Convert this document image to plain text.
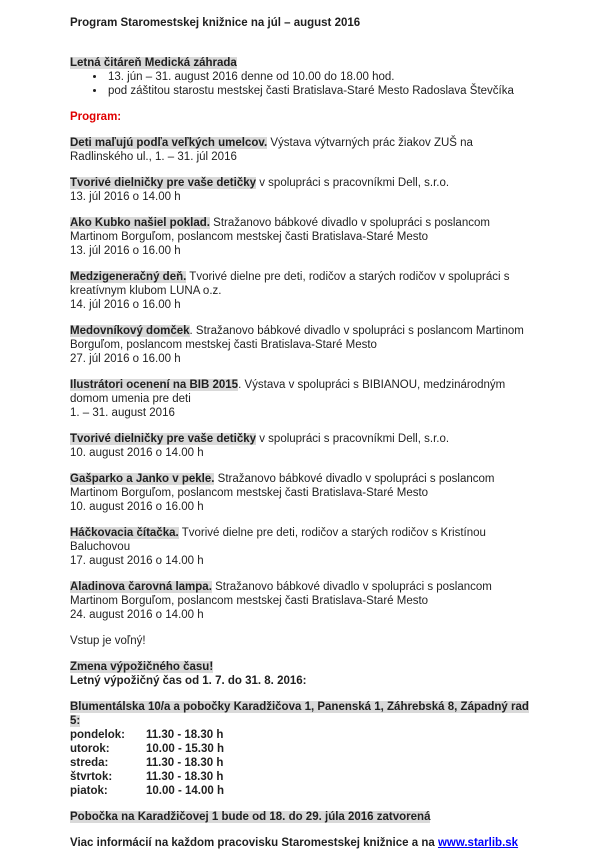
Program Staromestskej knižnice na júl – august 2016

Letná čitáreň Medická záhrada

• 13. jún – 31. august 2016 denne od 10.00 do 18.00 hod.
• pod záštitou starostu mestskej časti Bratislava-Staré Mesto Radoslava Števčíka

Program:

Deti maľujú podľa veľkých umelcov. Výstava výtvarných prác žiakov ZUŠ na Radlinského ul., 1. – 31. júl 2016

Tvorivé dielničky pre vaše detičky v spolupráci s pracovníkmi Dell, s.r.o.
13. júl 2016 o 14.00 h

Ako Kubko našiel poklad. Stražanovo bábkové divadlo v spolupráci s poslancom Martinom Borguľom, poslancom mestskej časti Bratislava-Staré Mesto
13. júl 2016 o 16.00 h

Medzigeneračný deň. Tvorivé dielne pre deti, rodičov a starých rodičov v spolupráci s kreatívnym klubom LUNA o.z.
14. júl 2016 o 16.00 h

Medovníkový domček. Stražanovo bábkové divadlo v spolupráci s poslancom Martinom Borguľom, poslancom mestskej časti Bratislava-Staré Mesto
27. júl 2016 o 16.00 h

Ilustrátori ocenení na BIB 2015. Výstava v spolupráci s BIBIANOU, medzinárodným domom umenia pre deti
1. – 31. august 2016

Tvorivé dielničky pre vaše detičky v spolupráci s pracovníkmi Dell, s.r.o.
10. august 2016 o 14.00 h

Gašparko a Janko v pekle. Stražanovo bábkové divadlo v spolupráci s poslancom Martinom Borguľom, poslancom mestskej časti Bratislava-Staré Mesto
10. august 2016 o 16.00 h

Háčkovacia čítačka. Tvorivé dielne pre deti, rodičov a starých rodičov s Kristínou Baluchovou
17. august 2016 o 14.00 h

Aladinova čarovná lampa. Stražanovo bábkové divadlo v spolupráci s poslancom Martinom Borguľom, poslancom mestskej časti Bratislava-Staré Mesto
24. august 2016 o 14.00 h

Vstup je voľný!

Zmena výpožičného času!
Letný výpožičný čas od 1. 7. do 31. 8. 2016:

Blumentálska 10/a a pobočky Karadžičova 1, Panenská 1, Záhrebská 8, Západný rad 5:

pondelok: 11.30 - 18.30 h
utorok:	10.00 - 15.30 h
streda:	11.30 - 18.30 h
štvrtok:	11.30 - 18.30 h
piatok:	10.00 - 14.00 h

Pobočka na Karadžičovej 1 bude od 18. do 29. júla 2016 zatvorená

Viac informácií na každom pracovisku Staromestskej knižnice a na www.starlib.sk
